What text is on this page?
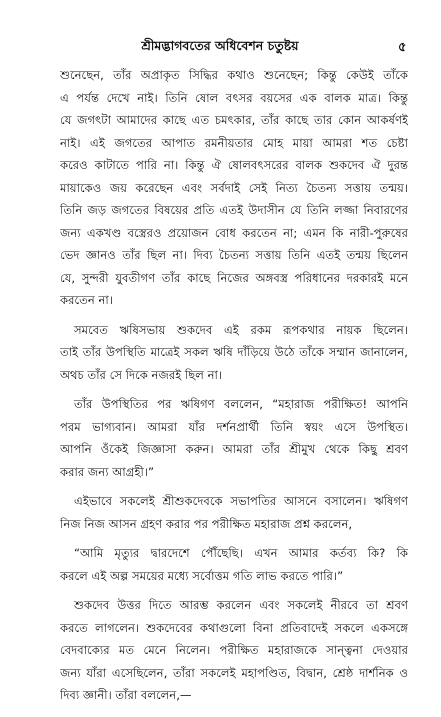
শ্রীমদ্ভাগবতের অধিবেশন চতুষ্টয়	৫
শুনেছেন, তাঁর অপ্রাকৃত সিদ্ধির কথাও শুনেছেন; কিন্তু কেউই তাঁকে
এ পর্যন্ত দেখে নাই। তিনি ষোল বৎসর বয়সের এক বালক মাত্র। কিন্তু
যে জগৎটা আমাদের কাছে এত চমৎকার, তাঁর কাছে তার কোন আকর্ষণই
নাই। এই জগতের আপাত রমনীয়তার মোহ মায়া আমরা শত চেষ্টা
করেও কাটাতে পারি না। কিন্তু ঐ ষোলবৎসরের বালক শুকদেব ঐ দুরন্ত
মায়াকেও জয় করেছেন এবং সর্বদাই সেই নিত্য চৈতন্য সত্তায় তন্ময়।
তিনি জড় জগতের বিষয়ের প্রতি এতই উদাসীন যে তিনি লজ্জা নিবারণের
জন্য একখণ্ড বস্ত্রেরও প্রয়োজন বোধ করতেন না; এমন কি নারী-পুরুষের
ভেদ জ্ঞানও তাঁর ছিল না। দিব্য চৈতন্য সত্তায় তিনি এতই তন্ময় ছিলেন
যে, সুন্দরী যুবতীগণ তাঁর কাছে নিজের অঙ্গবস্ত্র পরিধানের দরকারই মনে
করতেন না।
সমবেত ঋষিসভায় শুকদেব এই রকম রূপকথার নায়ক ছিলেন।
তাই তাঁর উপস্থিতি মাত্রেই সকল ঋষি দাঁড়িয়ে উঠে তাঁকে সম্মান জানালেন,
অথচ তাঁর সে দিকে নজরই ছিল না।
তাঁর উপস্থিতির পর ঋষিগণ বললেন, “মহারাজ পরীক্ষিত! আপনি
পরম ভাগ্যবান। আমরা যাঁর দর্শনপ্রার্থী তিনি স্বয়ং এসে উপস্থিত।
আপনি ওঁকেই জিজ্ঞাসা করুন। আমরা তাঁর শ্রীমুখ থেকে কিছু শ্রবণ
করার জন্য আগ্রহী।”
এইভাবে সকলেই শ্রীশুকদেবকে সভাপতির আসনে বসালেন। ঋষিগণ
নিজ নিজ আসন গ্রহণ করার পর পরীক্ষিত মহারাজ প্রশ্ন করলেন,
“আমি মৃত্যুর দ্বারদেশে পৌঁছেছি। এখন আমার কর্তব্য কি? কি
করলে এই অল্প সময়ের মধ্যে সর্বোত্তম গতি লাভ করতে পারি।”
শুকদেব উত্তর দিতে আরম্ভ করলেন এবং সকলেই নীরবে তা শ্রবণ
করতে লাগলেন। শুকদেবের কথাগুলো বিনা প্রতিবাদেই সকলে একসঙ্গে
বেদবাক্যের মত মেনে নিলেন। পরীক্ষিত মহারাজকে সান্ত্বনা দেওয়ার
জন্য যাঁরা এসেছিলেন, তাঁরা সকলেই মহাপণ্ডিত, বিদ্বান, শ্রেষ্ঠ দার্শনিক ও
দিব্য জ্ঞানী। তাঁরা বললেন,—
